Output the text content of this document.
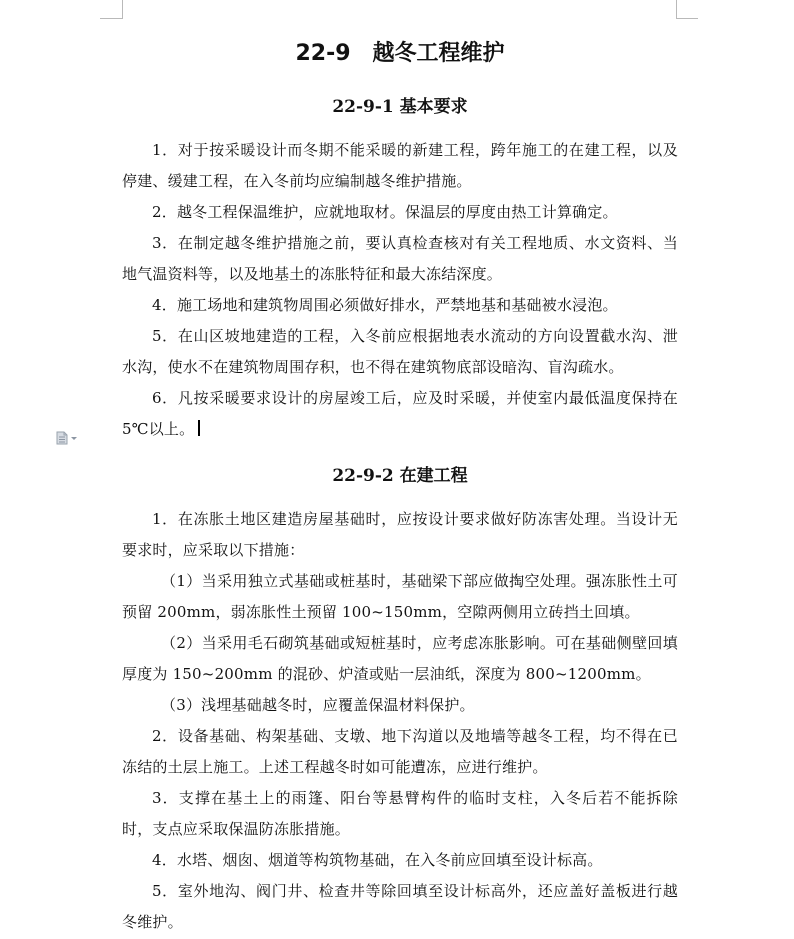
22-9　越冬工程维护
22-9-1 基本要求

1．对于按采暖设计而冬期不能采暖的新建工程，跨年施工的在建工程，以及停建、缓建工程，在入冬前均应编制越冬维护措施。

2．越冬工程保温维护，应就地取材。保温层的厚度由热工计算确定。

3．在制定越冬维护措施之前，要认真检查核对有关工程地质、水文资料、当地气温资料等，以及地基土的冻胀特征和最大冻结深度。

4．施工场地和建筑物周围必须做好排水，严禁地基和基础被水浸泡。

5．在山区坡地建造的工程，入冬前应根据地表水流动的方向设置截水沟、泄水沟，使水不在建筑物周围存积，也不得在建筑物底部设暗沟、盲沟疏水。

6．凡按采暖要求设计的房屋竣工后，应及时采暖，并使室内最低温度保持在 5℃以上。

22-9-2 在建工程

1．在冻胀土地区建造房屋基础时，应按设计要求做好防冻害处理。当设计无要求时，应采取以下措施：

（1）当采用独立式基础或桩基时，基础梁下部应做掏空处理。强冻胀性土可预留 200mm，弱冻胀性土预留 100~150mm，空隙两侧用立砖挡土回填。

（2）当采用毛石砌筑基础或短桩基时，应考虑冻胀影响。可在基础侧壁回填厚度为 150~200mm 的混砂、炉渣或贴一层油纸，深度为 800~1200mm。

（3）浅埋基础越冬时，应覆盖保温材料保护。

2．设备基础、构架基础、支墩、地下沟道以及地墙等越冬工程，均不得在已冻结的土层上施工。上述工程越冬时如可能遭冻，应进行维护。

3．支撑在基土上的雨篷、阳台等悬臂构件的临时支柱，入冬后若不能拆除时，支点应采取保温防冻胀措施。

4．水塔、烟囱、烟道等构筑物基础，在入冬前应回填至设计标高。

5．室外地沟、阀门井、检查井等除回填至设计标高外，还应盖好盖板进行越冬维护。
